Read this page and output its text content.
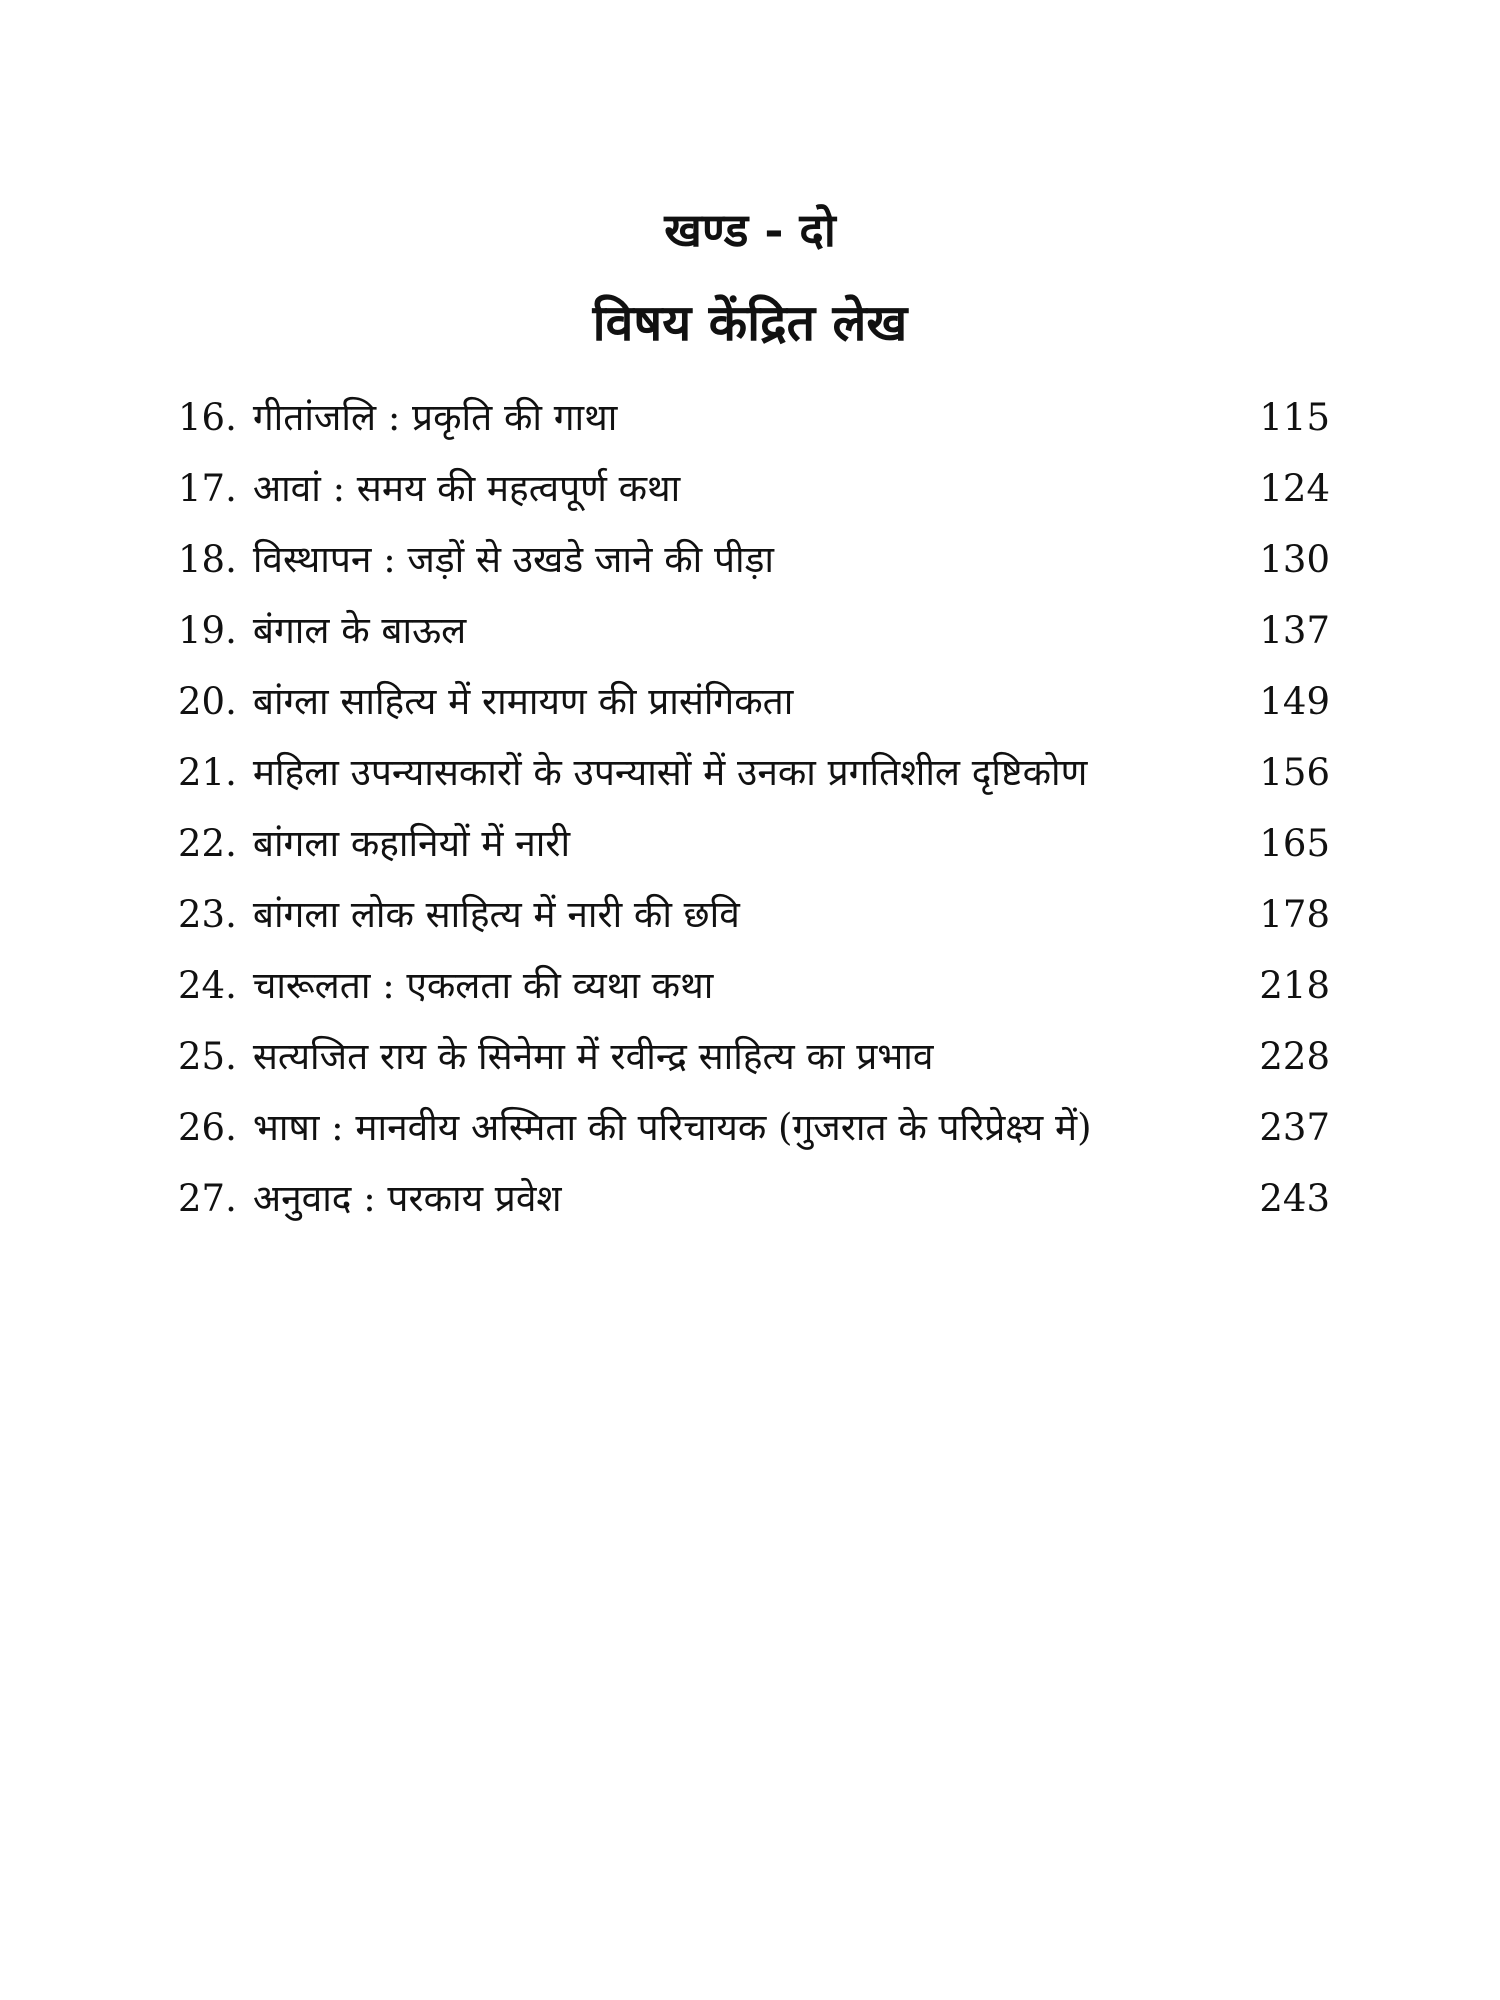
खण्ड - दो
विषय केंद्रित लेख
16. गीतांजलि : प्रकृति की गाथा	115
17. आवां : समय की महत्वपूर्ण कथा	124
18. विस्थापन : जड़ों से उखडे जाने की पीड़ा	130
19. बंगाल के बाऊल	137
20. बांग्ला साहित्य में रामायण की प्रासंगिकता	149
21. महिला उपन्यासकारों के उपन्यासों में उनका प्रगतिशील दृष्टिकोण	156
22. बांगला कहानियों में नारी	165
23. बांगला लोक साहित्य में नारी की छवि	178
24. चारूलता : एकलता की व्यथा कथा	218
25. सत्यजित राय के सिनेमा में रवीन्द्र साहित्य का प्रभाव	228
26. भाषा : मानवीय अस्मिता की परिचायक (गुजरात के परिप्रेक्ष्य में)	237
27. अनुवाद : परकाय प्रवेश	243
